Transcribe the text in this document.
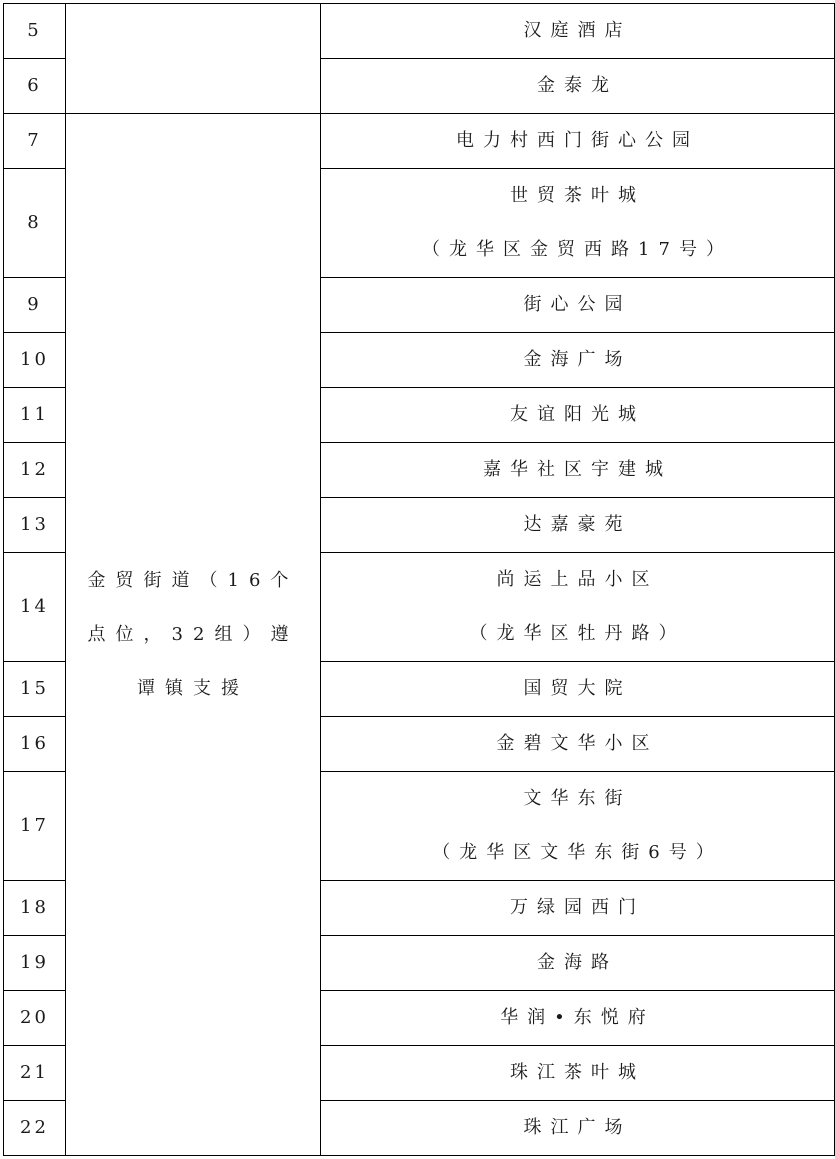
5		汉庭酒店

6		金泰龙

7	金贸街道（16个点位，32组）遵谭镇支援	电力村西门街心公园

8		世贸茶叶城
（龙华区金贸西路17号）

9		街心公园

10		金海广场

11		友谊阳光城

12		嘉华社区宇建城

13		达嘉豪苑

14		尚运上品小区
（龙华区牡丹路）

15		国贸大院

16		金碧文华小区

17		文华东街
（龙华区文华东街6号）

18		万绿园西门

19		金海路

20		华润•东悦府

21		珠江茶叶城

22		珠江广场
